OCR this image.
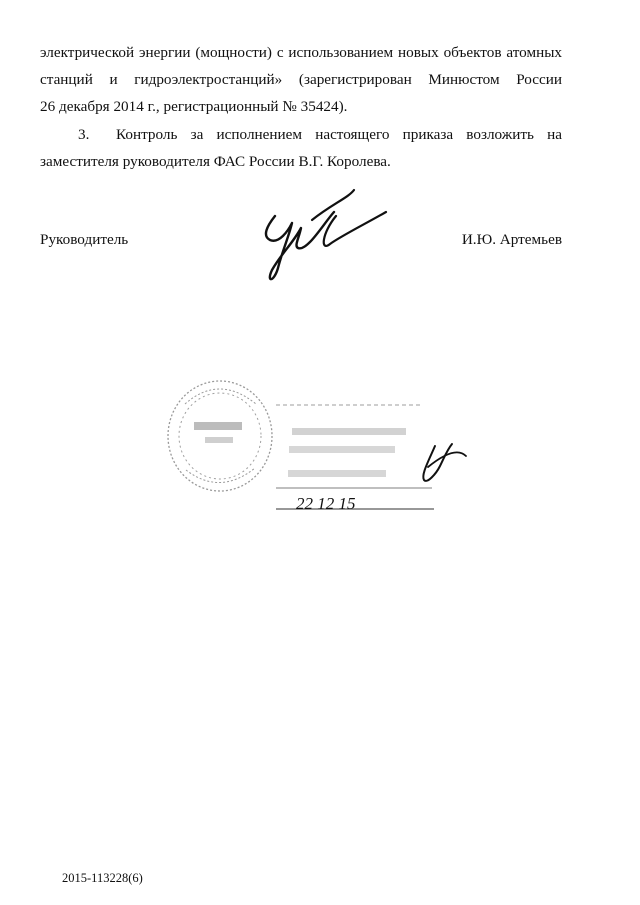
электрической энергии (мощности) с использованием новых объектов атомных
станций и гидроэлектростанций» (зарегистрирован Минюстом России
26 декабря 2014 г., регистрационный № 35424).
3. Контроль за исполнением настоящего приказа возложить на
заместителя руководителя ФАС России В.Г. Королева.
Руководитель	И.Ю. Артемьев
22 12 15
2015-113228(6)
